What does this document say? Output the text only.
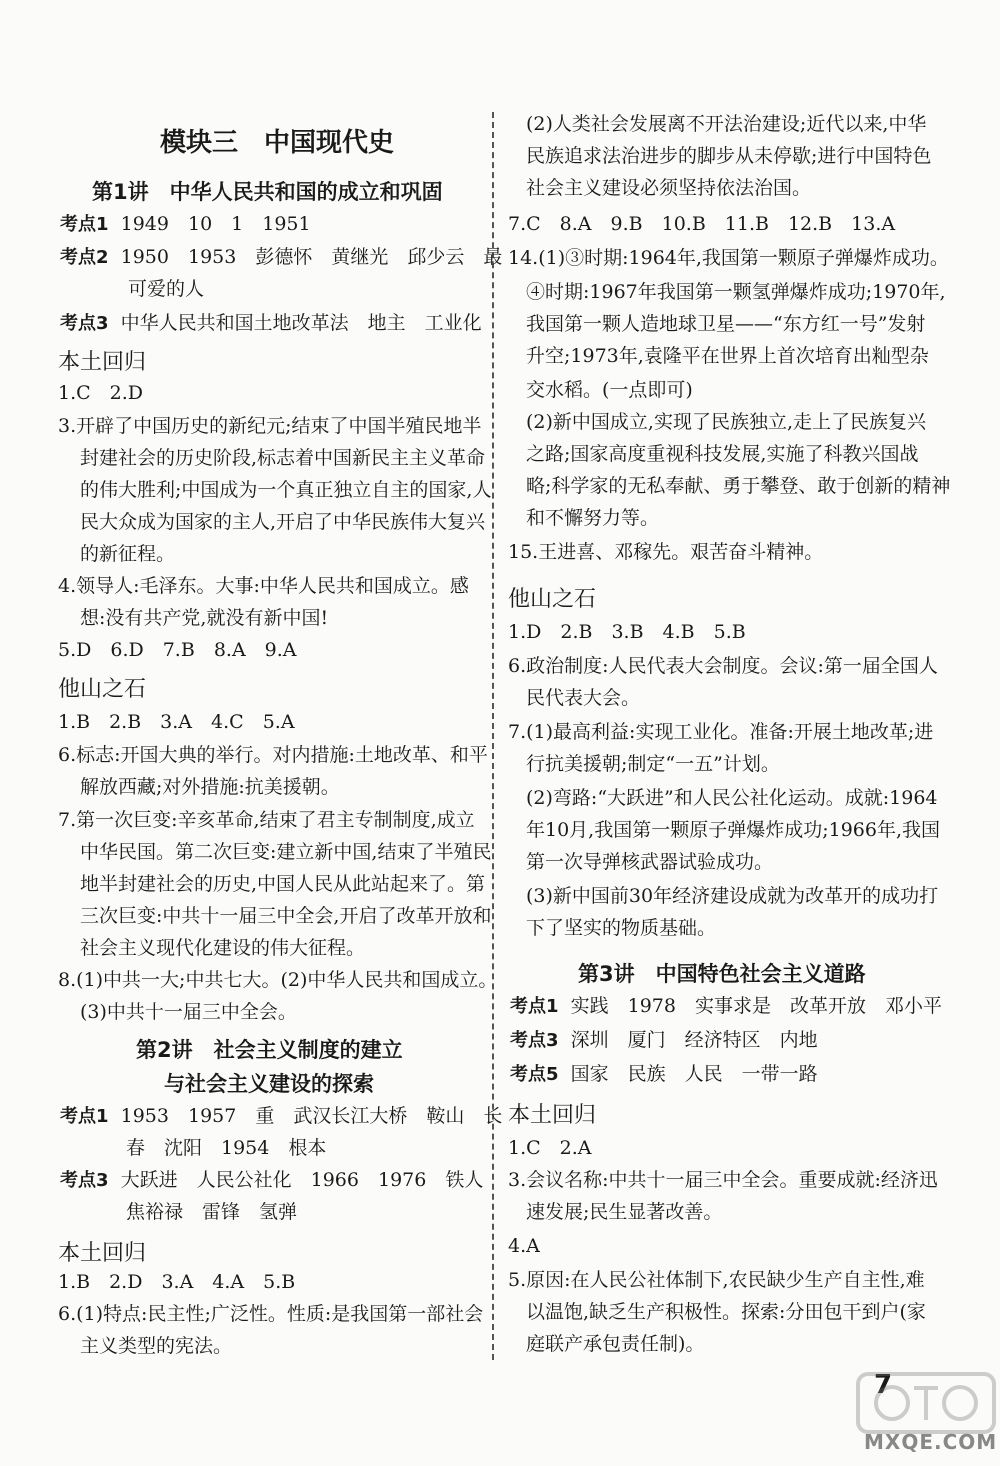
模块三　中国现代史
第1讲　中华人民共和国的成立和巩固
考点1 1949　10　1　1951
考点2 1950　1953　彭德怀　黄继光　邱少云　最
可爱的人
考点3 中华人民共和国土地改革法　地主　工业化
本土回归
1.C　2.D
3.开辟了中国历史的新纪元;结束了中国半殖民地半
封建社会的历史阶段,标志着中国新民主主义革命
的伟大胜利;中国成为一个真正独立自主的国家,人
民大众成为国家的主人,开启了中华民族伟大复兴
的新征程。
4.领导人:毛泽东。大事:中华人民共和国成立。感
想:没有共产党,就没有新中国!
5.D　6.D　7.B　8.A　9.A
他山之石
1.B　2.B　3.A　4.C　5.A
6.标志:开国大典的举行。对内措施:土地改革、和平
解放西藏;对外措施:抗美援朝。
7.第一次巨变:辛亥革命,结束了君主专制制度,成立
中华民国。第二次巨变:建立新中国,结束了半殖民
地半封建社会的历史,中国人民从此站起来了。第
三次巨变:中共十一届三中全会,开启了改革开放和
社会主义现代化建设的伟大征程。
8.(1)中共一大;中共七大。(2)中华人民共和国成立。
(3)中共十一届三中全会。
第2讲　社会主义制度的建立
与社会主义建设的探索
考点1 1953　1957　重　武汉长江大桥　鞍山　长
春　沈阳　1954　根本
考点3 大跃进　人民公社化　1966　1976　铁人
焦裕禄　雷锋　氢弹
本土回归
1.B　2.D　3.A　4.A　5.B
6.(1)特点:民主性;广泛性。性质:是我国第一部社会
主义类型的宪法。
(2)人类社会发展离不开法治建设;近代以来,中华
民族追求法治进步的脚步从未停歇;进行中国特色
社会主义建设必须坚持依法治国。
7.C　8.A　9.B　10.B　11.B　12.B　13.A
14.(1)③时期:1964年,我国第一颗原子弹爆炸成功。
④时期:1967年我国第一颗氢弹爆炸成功;1970年,
我国第一颗人造地球卫星——“东方红一号”发射
升空;1973年,袁隆平在世界上首次培育出籼型杂
交水稻。(一点即可)
(2)新中国成立,实现了民族独立,走上了民族复兴
之路;国家高度重视科技发展,实施了科教兴国战
略;科学家的无私奉献、勇于攀登、敢于创新的精神
和不懈努力等。
15.王进喜、邓稼先。艰苦奋斗精神。
他山之石
1.D　2.B　3.B　4.B　5.B
6.政治制度:人民代表大会制度。会议:第一届全国人
民代表大会。
7.(1)最高利益:实现工业化。准备:开展土地改革;进
行抗美援朝;制定“一五”计划。
(2)弯路:“大跃进”和人民公社化运动。成就:1964
年10月,我国第一颗原子弹爆炸成功;1966年,我国
第一次导弹核武器试验成功。
(3)新中国前30年经济建设成就为改革开的成功打
下了坚实的物质基础。
第3讲　中国特色社会主义道路
考点1 实践　1978　实事求是　改革开放　邓小平
考点3 深圳　厦门　经济特区　内地
考点5 国家　民族　人民　一带一路
本土回归
1.C　2.A
3.会议名称:中共十一届三中全会。重要成就:经济迅
速发展;民生显著改善。
4.A
5.原因:在人民公社体制下,农民缺少生产自主性,难
以温饱,缺乏生产积极性。探索:分田包干到户(家
庭联产承包责任制)。
7
MXQE.COM
